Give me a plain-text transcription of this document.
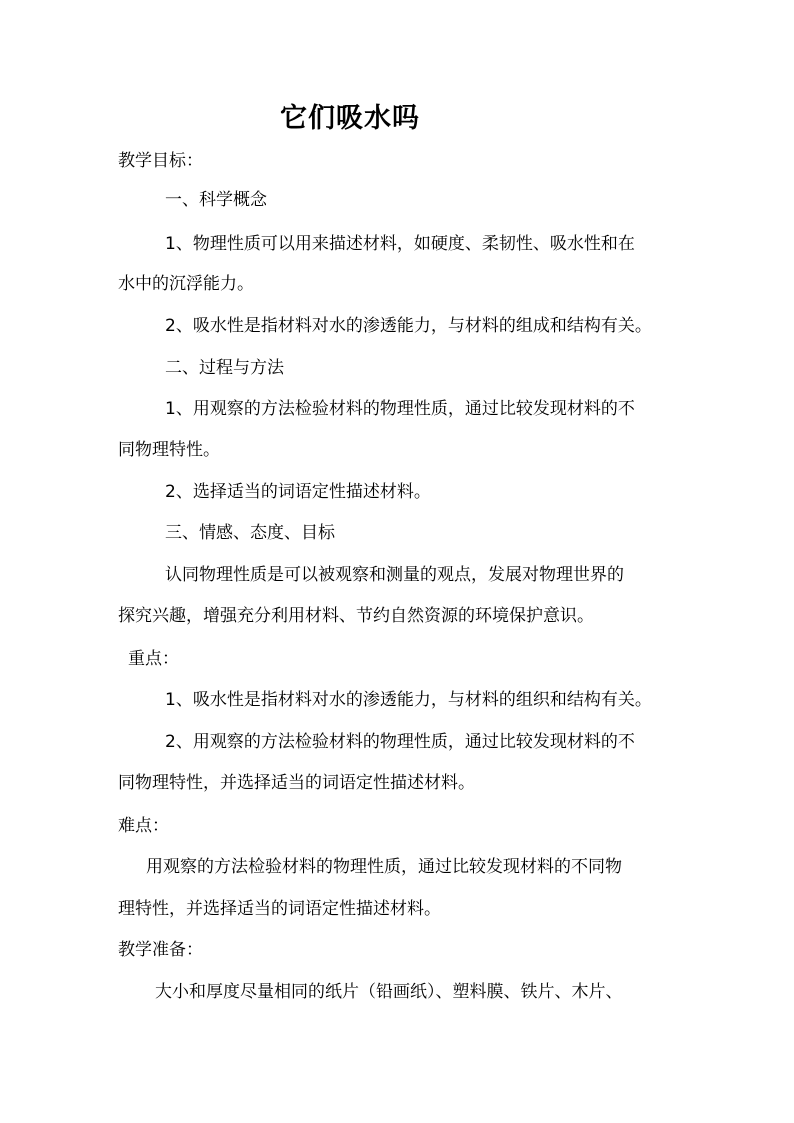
它们吸水吗
教学目标：
一、科学概念
1、物理性质可以用来描述材料，如硬度、柔韧性、吸水性和在
水中的沉浮能力。
2、吸水性是指材料对水的渗透能力，与材料的组成和结构有关。
二、过程与方法
1、用观察的方法检验材料的物理性质，通过比较发现材料的不
同物理特性。
2、选择适当的词语定性描述材料。
三、情感、态度、目标
认同物理性质是可以被观察和测量的观点，发展对物理世界的
探究兴趣，增强充分利用材料、节约自然资源的环境保护意识。
重点：
1、吸水性是指材料对水的渗透能力，与材料的组织和结构有关。
2、用观察的方法检验材料的物理性质，通过比较发现材料的不
同物理特性，并选择适当的词语定性描述材料。
难点：
用观察的方法检验材料的物理性质，通过比较发现材料的不同物
理特性，并选择适当的词语定性描述材料。
教学准备：
大小和厚度尽量相同的纸片（铅画纸）、塑料膜、铁片、木片、
